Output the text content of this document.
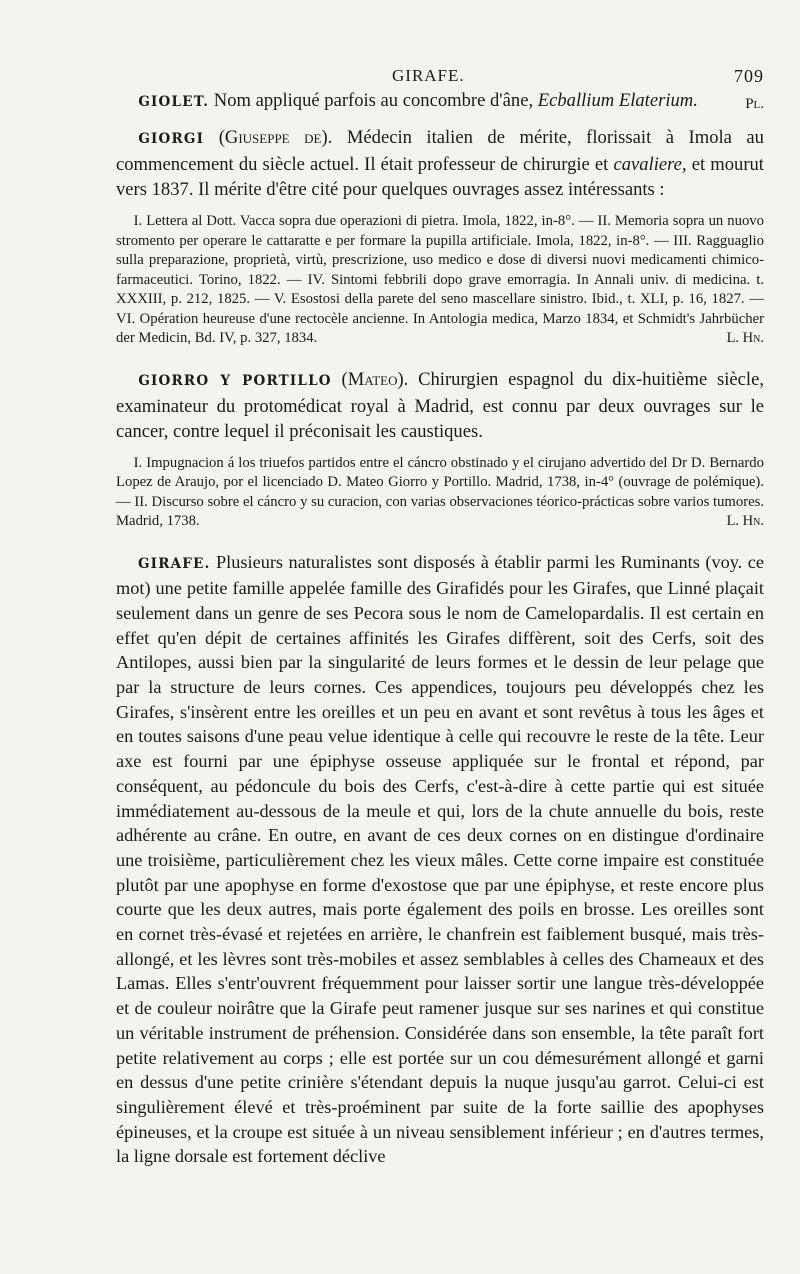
GIRAFE.	709
GIOLET. Nom appliqué parfois au concombre d'âne, Ecballium Elaterium.	Pl.
GIORGI (Giuseppe de). Médecin italien de mérite, florissait à Imola au commencement du siècle actuel. Il était professeur de chirurgie et cavaliere, et mourut vers 1837. Il mérite d'être cité pour quelques ouvrages assez intéressants :
I. Lettera al Dott. Vacca sopra due operazioni di pietra. Imola, 1822, in-8°. — II. Memoria sopra un nuovo stromento per operare le cattaratte e per formare la pupilla artificiale. Imola, 1822, in-8°. — III. Ragguaglio sulla preparazione, proprietà, virtù, prescrizione, uso medico e dose di diversi nuovi medicamenti chimico-farmaceutici. Torino, 1822. — IV. Sintomi febbrili dopo grave emorragia. In Annali univ. di medicina. t. XXXIII, p. 212, 1825. — V. Esostosi della parete del seno mascellare sinistro. Ibid., t. XLI, p. 16, 1827. — VI. Opération heureuse d'une rectocèle ancienne. In Antologia medica, Marzo 1834, et Schmidt's Jahrbücher der Medicin, Bd. IV, p. 327, 1834.	L. Hn.
GIORRO Y PORTILLO (Mateo). Chirurgien espagnol du dix-huitième siècle, examinateur du protomédicat royal à Madrid, est connu par deux ouvrages sur le cancer, contre lequel il préconisait les caustiques.
I. Impugnacion á los triuefos partidos entre el cáncro obstinado y el cirujano advertido del Dr D. Bernardo Lopez de Araujo, por el licenciado D. Mateo Giorro y Portillo. Madrid, 1738, in-4° (ouvrage de polémique). — II. Discurso sobre el cáncro y su curacion, con varias observaciones téorico-prácticas sobre varios tumores. Madrid, 1738.	L. Hn.
GIRAFE. Plusieurs naturalistes sont disposés à établir parmi les Ruminants (voy. ce mot) une petite famille appelée famille des Girafidés pour les Girafes, que Linné plaçait seulement dans un genre de ses Pecora sous le nom de Camelopardalis. Il est certain en effet qu'en dépit de certaines affinités les Girafes diffèrent, soit des Cerfs, soit des Antilopes, aussi bien par la singularité de leurs formes et le dessin de leur pelage que par la structure de leurs cornes. Ces appendices, toujours peu développés chez les Girafes, s'insèrent entre les oreilles et un peu en avant et sont revêtus à tous les âges et en toutes saisons d'une peau velue identique à celle qui recouvre le reste de la tête. Leur axe est fourni par une épiphyse osseuse appliquée sur le frontal et répond, par conséquent, au pédoncule du bois des Cerfs, c'est-à-dire à cette partie qui est située immédiatement au-dessous de la meule et qui, lors de la chute annuelle du bois, reste adhérente au crâne. En outre, en avant de ces deux cornes on en distingue d'ordinaire une troisième, particulièrement chez les vieux mâles. Cette corne impaire est constituée plutôt par une apophyse en forme d'exostose que par une épiphyse, et reste encore plus courte que les deux autres, mais porte également des poils en brosse. Les oreilles sont en cornet très-évasé et rejetées en arrière, le chanfrein est faiblement busqué, mais très-allongé, et les lèvres sont très-mobiles et assez semblables à celles des Chameaux et des Lamas. Elles s'entr'ouvrent fréquemment pour laisser sortir une langue très-développée et de couleur noirâtre que la Girafe peut ramener jusque sur ses narines et qui constitue un véritable instrument de préhension. Considérée dans son ensemble, la tête paraît fort petite relativement au corps ; elle est portée sur un cou démesurément allongé et garni en dessus d'une petite crinière s'étendant depuis la nuque jusqu'au garrot. Celui-ci est singulièrement élevé et très-proéminent par suite de la forte saillie des apophyses épineuses, et la croupe est située à un niveau sensiblement inférieur ; en d'autres termes, la ligne dorsale est fortement déclive
